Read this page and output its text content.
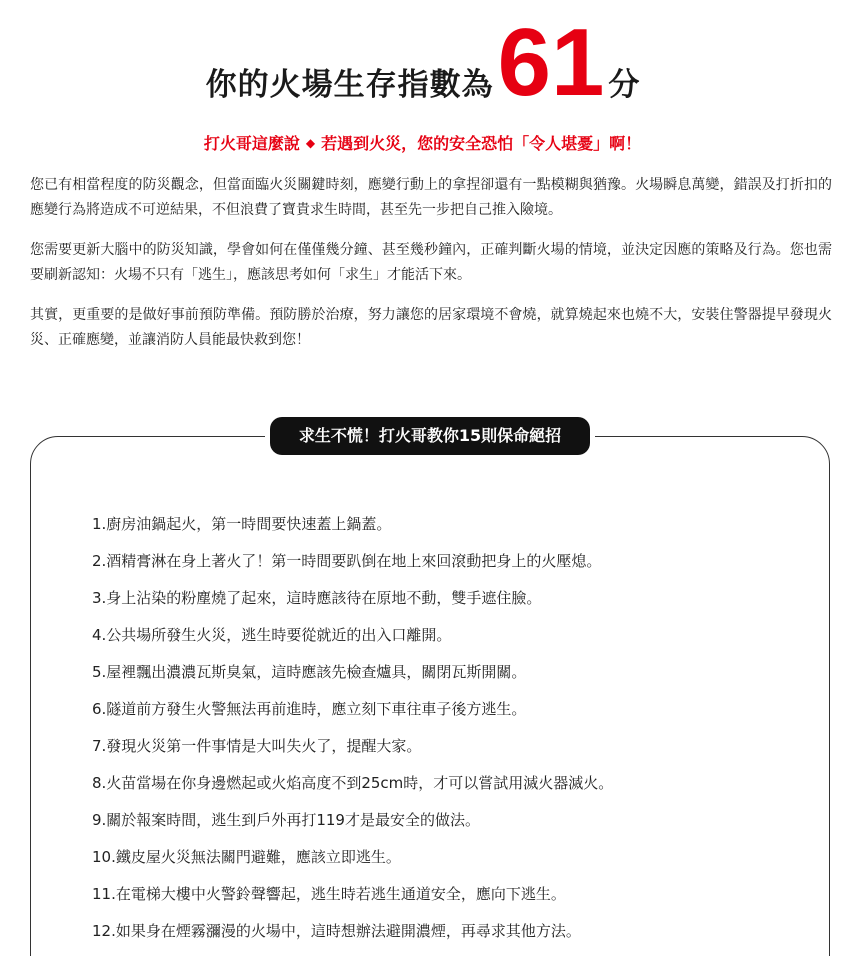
你的火場生存指數為61 分
打火哥這麼說 ◆ 若遇到火災，您的安全恐怕「令人堪憂」啊！

您已有相當程度的防災觀念，但當面臨火災關鍵時刻，應變行動上的拿捏卻還有一點模糊與猶豫。火場瞬息萬變，錯誤及打折扣的應變行為將造成不可逆結果，不但浪費了寶貴求生時間，甚至先一步把自己推入險境。

您需要更新大腦中的防災知識，學會如何在僅僅幾分鐘、甚至幾秒鐘內，正確判斷火場的情境，並決定因應的策略及行為。您也需要刷新認知：火場不只有「逃生」，應該思考如何「求生」才能活下來。

其實，更重要的是做好事前預防準備。預防勝於治療，努力讓您的居家環境不會燒，就算燒起來也燒不大，安裝住警器提早發現火災、正確應變，並讓消防人員能最快救到您！

求生不慌！打火哥教你15則保命絕招
1.廚房油鍋起火，第一時間要快速蓋上鍋蓋。
2.酒精膏淋在身上著火了！第一時間要趴倒在地上來回滾動把身上的火壓熄。
3.身上沾染的粉塵燒了起來，這時應該待在原地不動，雙手遮住臉。
4.公共場所發生火災，逃生時要從就近的出入口離開。
5.屋裡飄出濃濃瓦斯臭氣，這時應該先檢查爐具，關閉瓦斯開關。
6.隧道前方發生火警無法再前進時，應立刻下車往車子後方逃生。
7.發現火災第一件事情是大叫失火了，提醒大家。
8.火苗當場在你身邊燃起或火焰高度不到25cm時，才可以嘗試用滅火器滅火。
9.關於報案時間，逃生到戶外再打119才是最安全的做法。
10.鐵皮屋火災無法關門避難，應該立即逃生。
11.在電梯大樓中火警鈴聲響起，逃生時若逃生通道安全，應向下逃生。
12.如果身在煙霧瀰漫的火場中，這時想辦法避開濃煙，再尋求其他方法。
